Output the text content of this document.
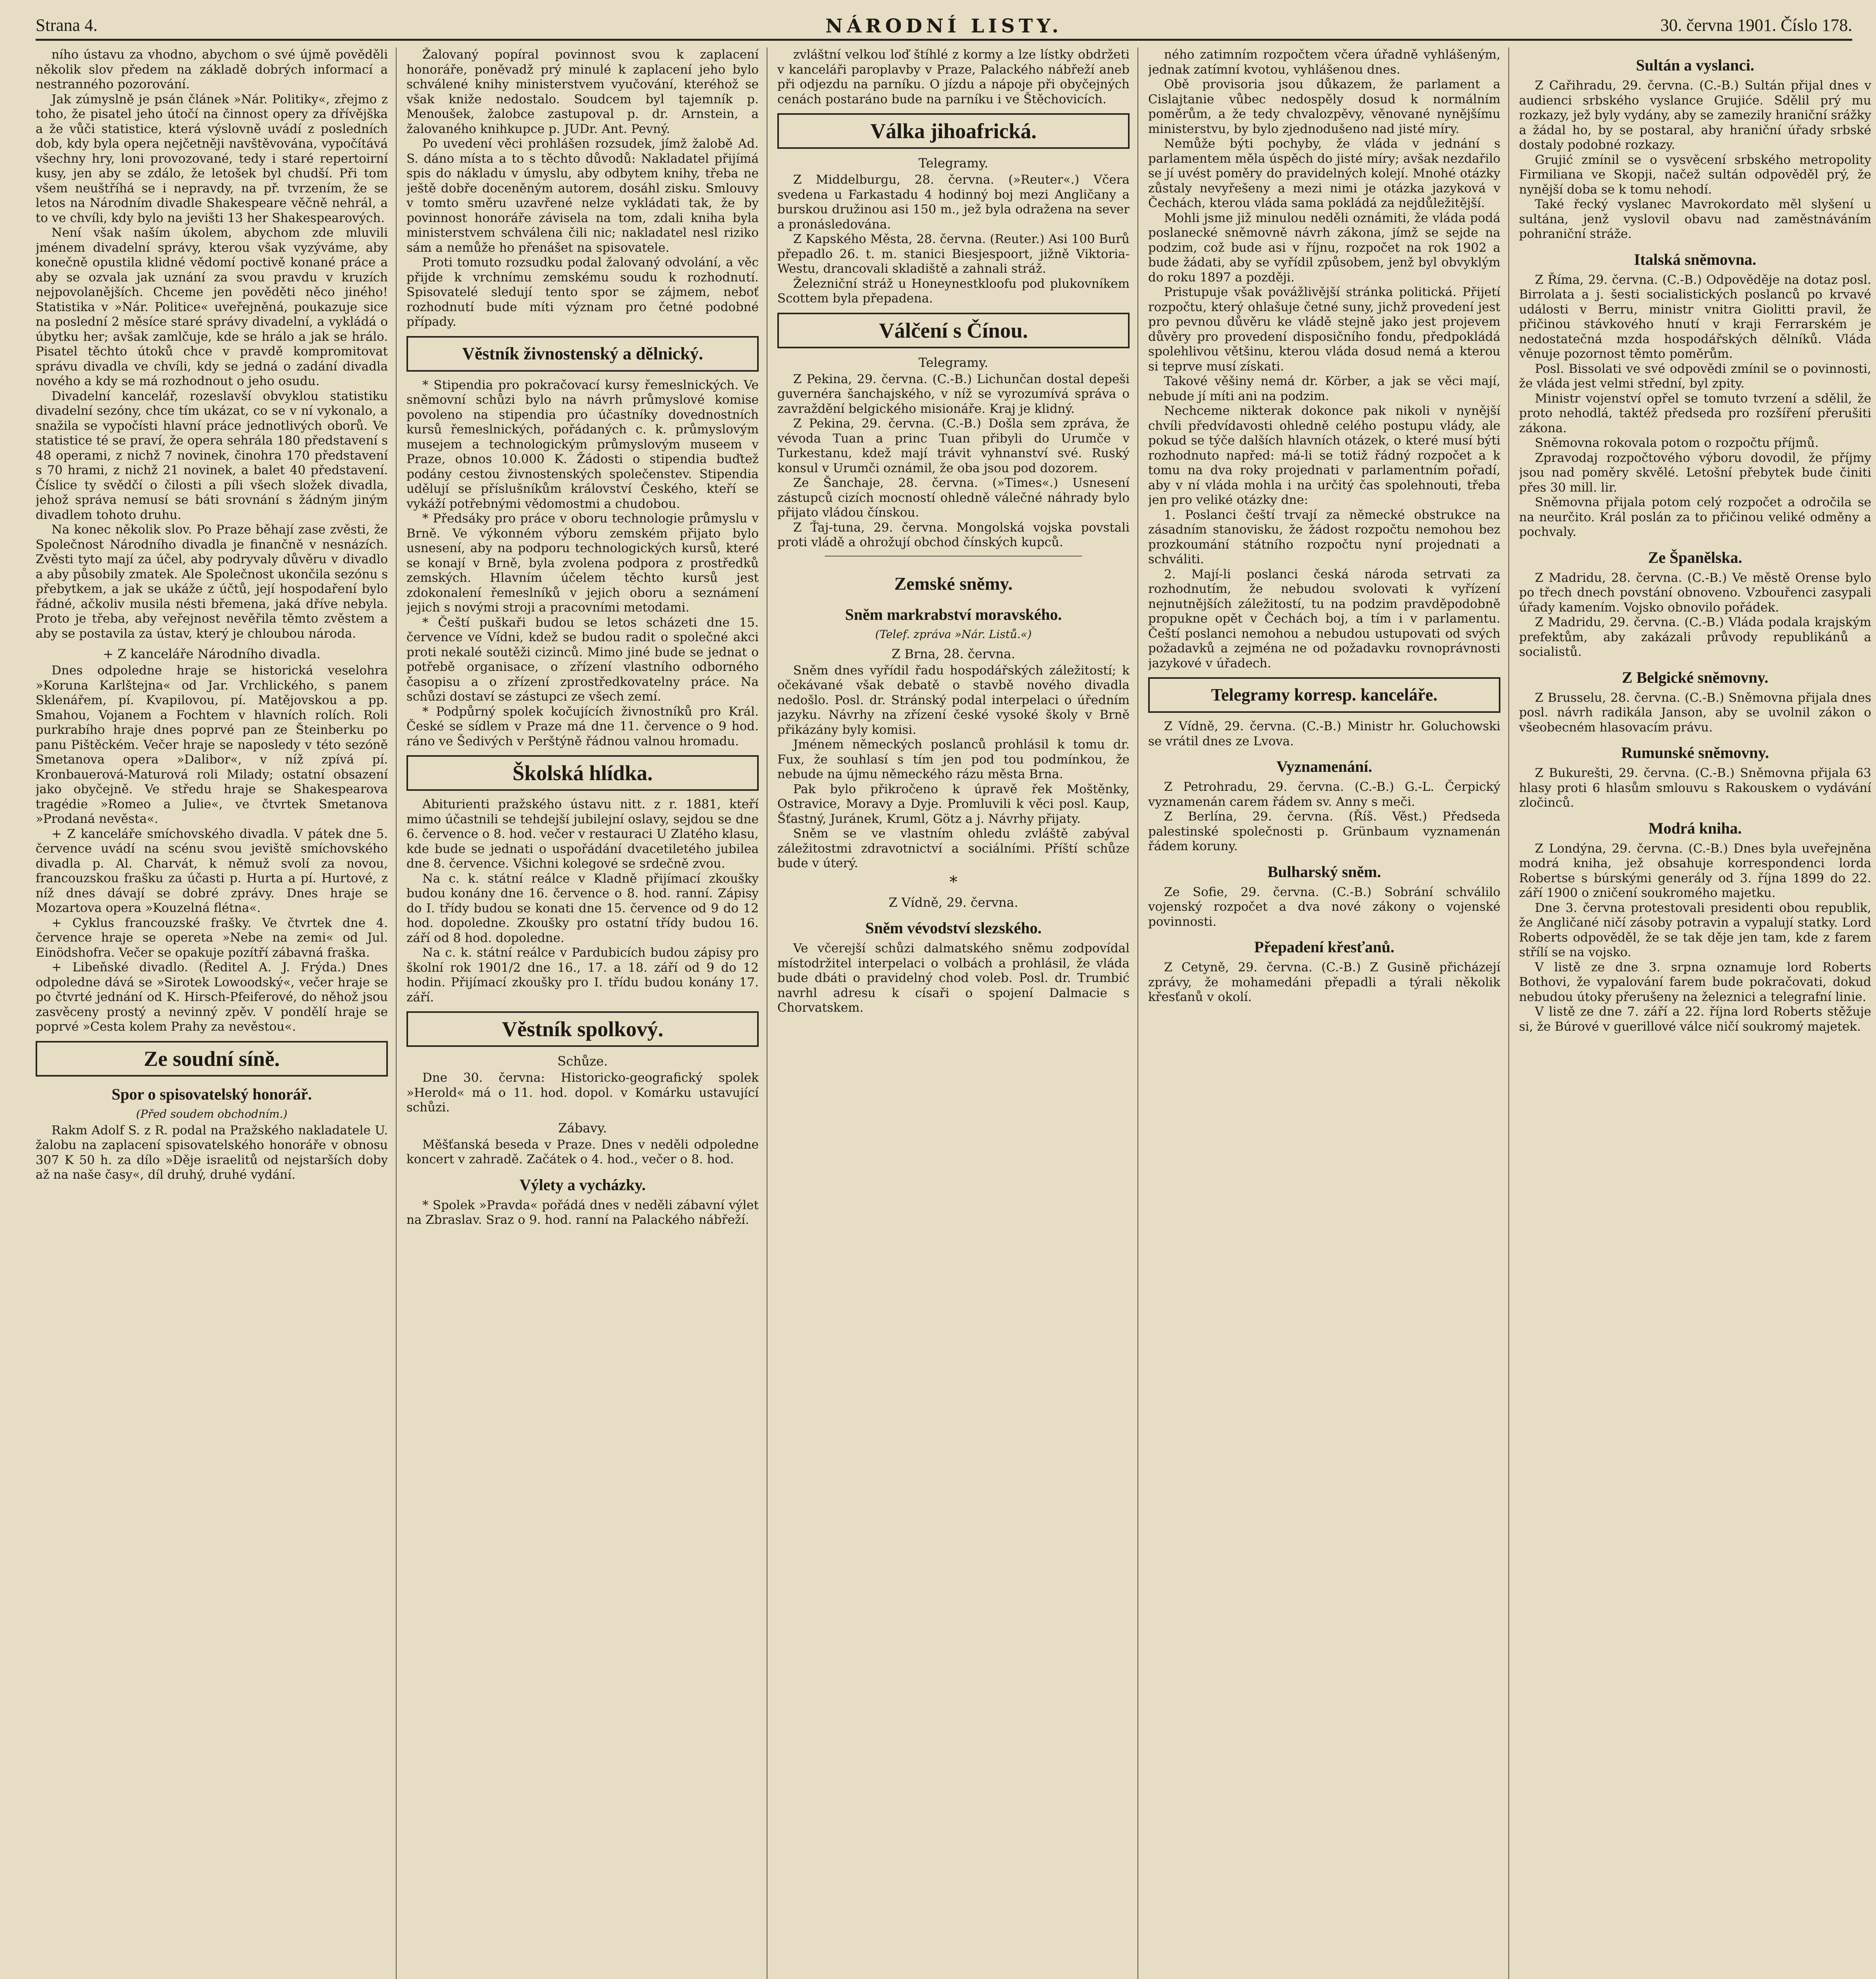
Strana 4.	NÁRODNÍ LISTY.	30. června 1901. Číslo 178.

ního ústavu za vhodno, abychom o své újmě pověděli několik slov předem na základě dobrých informací a nestranného pozorování.

Jak zúmyslně je psán článek »Nár. Politiky«, zřejmo z toho, že pisatel jeho útočí na činnost opery za dřívějška a že vůči statistice, která výslovně uvádí z posledních dob, kdy byla opera nejčetněji navštěvována, vypočítává všechny hry, loni provozované, tedy i staré repertoirní kusy, jen aby se zdálo, že letošek byl chudší. Při tom všem neuštříhá se i nepravdy, na př. tvrzením, že se letos na Národním divadle Shakespeare věčně nehrál, a to ve chvíli, kdy bylo na jevišti 13 her Shakespearových.

Není však naším úkolem, abychom zde mluvili jménem divadelní správy, kterou však vyzýváme, aby konečně opustila klidné vědomí poctivě konané práce a aby se ozvala jak uznání za svou pravdu v kruzích nejpovolanějších. Chceme jen pověděti něco jiného! Statistika v »Nár. Politice« uveřejněná, poukazuje sice na poslední 2 měsíce staré správy divadelní, a vykládá o úbytku her; avšak zamlčuje, kde se hrálo a jak se hrálo. Pisatel těchto útoků chce v pravdě kompromitovat správu divadla ve chvíli, kdy se jedná o zadání divadla nového a kdy se má rozhodnout o jeho osudu.

Divadelní kancelář, rozeslavší obvyklou statistiku divadelní sezóny, chce tím ukázat, co se v ní vykonalo, a snažila se vypočísti hlavní práce jednotlivých oborů. Ve statistice té se praví, že opera sehrála 180 představení s 48 operami, z nichž 7 novinek, činohra 170 představení s 70 hrami, z nichž 21 novinek, a balet 40 představení. Číslice ty svědčí o čilosti a píli všech složek divadla, jehož správa nemusí se báti srovnání s žádným jiným divadlem tohoto druhu.

Na konec několik slov. Po Praze běhají zase zvěsti, že Společnost Národního divadla je finančně v nesnázích. Zvěsti tyto mají za účel, aby podryvaly důvěru v divadlo a aby působily zmatek. Ale Společnost ukončila sezónu s přebytkem, a jak se ukáže z účtů, její hospodaření bylo řádné, ačkoliv musila nésti břemena, jaká dříve nebyla. Proto je třeba, aby veřejnost nevěřila těmto zvěstem a aby se postavila za ústav, který je chloubou národa.

+ Z kanceláře Národního divadla.

Dnes odpoledne hraje se historická veselohra »Koruna Karlštejna« od Jar. Vrchlického, s panem Sklenářem, pí. Kvapilovou, pí. Matějovskou a pp. Smahou, Vojanem a Fochtem v hlavních rolích. Roli purkrabího hraje dnes poprvé pan ze Šteinberku po panu Pištěckém. Večer hraje se naposledy v této sezóně Smetanova opera »Dalibor«, v níž zpívá pí. Kronbauerová-Maturová roli Milady; ostatní obsazení jako obyčejně. Ve středu hraje se Shakespearova tragédie »Romeo a Julie«, ve čtvrtek Smetanova »Prodaná nevěsta«.

+ Z kanceláře smíchovského divadla. V pátek dne 5. července uvádí na scénu svou jeviště smíchovského divadla p. Al. Charvát, k němuž svolí za novou, francouzskou frašku za účasti p. Hurta a pí. Hurtové, z níž dnes dávají se dobré zprávy. Dnes hraje se Mozartova opera »Kouzelná flétna«.

+ Cyklus francouzské frašky. Ve čtvrtek dne 4. července hraje se opereta »Nebe na zemi« od Jul. Einödshofra. Večer se opakuje pozítří zábavná fraška.

+ Libeňské divadlo. (Ředitel A. J. Frýda.) Dnes odpoledne dává se »Sirotek Lowoodský«, večer hraje se po čtvrté jednání od K. Hirsch-Pfeiferové, do něhož jsou zasvěceny prostý a nevinný zpěv. V pondělí hraje se poprvé »Cesta kolem Prahy za nevěstou«.

Ze soudní síně.
Spor o spisovatelský honorář.
(Před soudem obchodním.)

Rakm Adolf S. z R. podal na Pražského nakladatele U. žalobu na zaplacení spisovatelského honoráře v obnosu 307 K 50 h. za dílo »Děje israelitů od nejstarších doby až na naše časy«, díl druhý, druhé vydání.

Žalovaný popíral povinnost svou k zaplacení honoráře, poněvadž prý minulé k zaplacení jeho bylo schválené knihy ministerstvem vyučování, kteréhož se však kniže nedostalo. Soudcem byl tajemník p. Menoušek, žalobce zastupoval p. dr. Arnstein, a žalovaného knihkupce p. JUDr. Ant. Pevný.

Po uvedení věci prohlášen rozsudek, jímž žalobě Ad. S. dáno místa a to s těchto důvodů: Nakladatel přijímá spis do nákladu v úmyslu, aby odbytem knihy, třeba ne ještě dobře doceněným autorem, dosáhl zisku. Smlouvy v tomto směru uzavřené nelze vykládati tak, že by povinnost honoráře závisela na tom, zdali kniha byla ministerstvem schválena čili nic; nakladatel nesl riziko sám a nemůže ho přenášet na spisovatele.

Proti tomuto rozsudku podal žalovaný odvolání, a věc přijde k vrchnímu zemskému soudu k rozhodnutí. Spisovatelé sledují tento spor se zájmem, neboť rozhodnutí bude míti význam pro četné podobné případy.

Věstník živnostenský a dělnický.

* Stipendia pro pokračovací kursy řemeslnických. Ve sněmovní schůzi bylo na návrh průmyslové komise povoleno na stipendia pro účastníky dovednostních kursů řemeslnických, pořádaných c. k. průmyslovým musejem a technologickým průmyslovým museem v Praze, obnos 10.000 K. Žádosti o stipendia buďtež podány cestou živnostenských společenstev. Stipendia udělují se příslušníkům království Českého, kteří se vykáží potřebnými vědomostmi a chudobou.

* Předsáky pro práce v oboru technologie průmyslu v Brně. Ve výkonném výboru zemském přijato bylo usnesení, aby na podporu technologických kursů, které se konají v Brně, byla zvolena podpora z prostředků zemských. Hlavním účelem těchto kursů jest zdokonalení řemeslníků v jejich oboru a seznámení jejich s novými stroji a pracovními metodami.

* Čeští puškaři budou se letos scházeti dne 15. července ve Vídni, kdež se budou radit o společné akci proti nekalé soutěži cizinců. Mimo jiné bude se jednat o potřebě organisace, o zřízení vlastního odborného časopisu a o zřízení zprostředkovatelny práce. Na schůzi dostaví se zástupci ze všech zemí.

* Podpůrný spolek kočujících živnostníků pro Král. České se sídlem v Praze má dne 11. července o 9 hod. ráno ve Šedivých v Perštýně řádnou valnou hromadu.

Školská hlídka.

Abiturienti pražského ústavu nitt. z r. 1881, kteří mimo účastnili se tehdejší jubilejní oslavy, sejdou se dne 6. července o 8. hod. večer v restauraci U Zlatého klasu, kde bude se jednati o uspořádání dvacetiletého jubilea dne 8. července. Všichni kolegové se srdečně zvou.

Na c. k. státní reálce v Kladně přijímací zkoušky budou konány dne 16. července o 8. hod. ranní. Zápisy do I. třídy budou se konati dne 15. července od 9 do 12 hod. dopoledne. Zkoušky pro ostatní třídy budou 16. září od 8 hod. dopoledne.

Na c. k. státní reálce v Pardubicích budou zápisy pro školní rok 1901/2 dne 16., 17. a 18. září od 9 do 12 hodin. Přijímací zkoušky pro I. třídu budou konány 17. září.

Věstník spolkový.
Schůze.

Dne 30. června: Historicko-geografický spolek »Herold« má o 11. hod. dopol. v Komárku ustavující schůzi.

Zábavy.

Měšťanská beseda v Praze. Dnes v neděli odpoledne koncert v zahradě. Začátek o 4. hod., večer o 8. hod.

Výlety a vycházky.

* Spolek »Pravda« pořádá dnes v neděli zábavní výlet na Zbraslav. Sraz o 9. hod. ranní na Palackého nábřeží.

zvláštní velkou loď štíhlé z kormy a lze lístky obdržeti v kanceláři paroplavby v Praze, Palackého nábřeží aneb při odjezdu na parníku. O jízdu a nápoje při obyčejných cenách postaráno bude na parníku i ve Štěchovicích.

Válka jihoafrická.
Telegramy.

Z Middelburgu, 28. června. (»Reuter«.) Včera svedena u Farkastadu 4 hodinný boj mezi Angličany a burskou družinou asi 150 m., jež byla odražena na sever a pronásledována.

Z Kapského Města, 28. června. (Reuter.) Asi 100 Burů přepadlo 26. t. m. stanici Biesjespoort, jižně Viktoria-Westu, drancovali skladiště a zahnali stráž.

Železniční stráž u Honeynestkloofu pod plukovníkem Scottem byla přepadena.

Válčení s Čínou.
Telegramy.

Z Pekina, 29. června. (C.-B.) Lichunčan dostal depeši guvernéra šanchajského, v níž se vyrozumívá správa o zavraždění belgického misionáře. Kraj je klidný.

Z Pekina, 29. června. (C.-B.) Došla sem zpráva, že vévoda Tuan a princ Tuan přibyli do Urumče v Turkestanu, kdež mají trávit vyhnanství své. Ruský konsul v Urumči oznámil, že oba jsou pod dozorem.

Ze Šanchaje, 28. června. (»Times«.) Usnesení zástupců cizích mocností ohledně válečné náhrady bylo přijato vládou čínskou.

Z Ťaj-tuna, 29. června. Mongolská vojska povstali proti vládě a ohrožují obchod čínských kupců.

Zemské sněmy.
Sněm markrabství moravského.
(Telef. zpráva »Nár. Listů.«)
Z Brna, 28. června.

Sněm dnes vyřídil řadu hospodářských záležitostí; k očekávané však debatě o stavbě nového divadla nedošlo. Posl. dr. Stránský podal interpelaci o úředním jazyku. Návrhy na zřízení české vysoké školy v Brně přikázány byly komisi.

Jménem německých poslanců prohlásil k tomu dr. Fux, že souhlasí s tím jen pod tou podmínkou, že nebude na újmu německého rázu města Brna.

Pak bylo přikročeno k úpravě řek Moštěnky, Ostravice, Moravy a Dyje. Promluvili k věci posl. Kaup, Šťastný, Juránek, Kruml, Götz a j. Návrhy přijaty.

Sněm se ve vlastním ohledu zvláště zabýval záležitostmi zdravotnictví a sociálními. Příští schůze bude v úterý.

*
Z Vídně, 29. června.
Sněm vévodství slezského.

Ve včerejší schůzi dalmatského sněmu zodpovídal místodržitel interpelaci o volbách a prohlásil, že vláda bude dbáti o pravidelný chod voleb. Posl. dr. Trumbić navrhl adresu k císaři o spojení Dalmacie s Chorvatskem.

ného zatimním rozpočtem včera úřadně vyhlášeným, jednak zatímní kvotou, vyhlášenou dnes.

Obě provisoria jsou důkazem, že parlament a Cislajtanie vůbec nedospěly dosud k normálním poměrům, a že tedy chvalozpěvy, věnované nynějšímu ministerstvu, by bylo zjednodušeno nad jisté míry.

Nemůže býti pochyby, že vláda v jednání s parlamentem měla úspěch do jisté míry; avšak nezdařilo se jí uvést poměry do pravidelných kolejí. Mnohé otázky zůstaly nevyřešeny a mezi nimi je otázka jazyková v Čechách, kterou vláda sama pokládá za nejdůležitější.

Mohli jsme již minulou neděli oznámiti, že vláda podá poslanecké sněmovně návrh zákona, jímž se sejde na podzim, což bude asi v říjnu, rozpočet na rok 1902 a bude žádati, aby se vyřídil způsobem, jenž byl obvyklým do roku 1897 a později.

Pristupuje však povážlivější stránka politická. Přijetí rozpočtu, který ohlašuje četné suny, jichž provedení jest pro pevnou důvěru ke vládě stejně jako jest projevem důvěry pro provedení disposičního fondu, předpokládá spolehlivou většinu, kterou vláda dosud nemá a kterou si teprve musí získati.

Takové věšiny nemá dr. Körber, a jak se věci mají, nebude jí míti ani na podzim.

Nechceme nikterak dokonce pak nikoli v nynější chvíli předvídavosti ohledně celého postupu vlády, ale pokud se týče dalších hlavních otázek, o které musí býti rozhodnuto napřed: má-li se totiž řádný rozpočet a k tomu na dva roky projednati v parlamentním pořadí, aby v ní vláda mohla i na určitý čas spolehnouti, třeba jen pro veliké otázky dne:

1. Poslanci čeští trvají za německé obstrukce na zásadním stanovisku, že žádost rozpočtu nemohou bez prozkoumání státního rozpočtu nyní projednati a schváliti.

2. Mají-li poslanci česká národa setrvati za rozhodnutím, že nebudou svolovati k vyřízení nejnutnějších záležitostí, tu na podzim pravděpodobně propukne opět v Čechách boj, a tím i v parlamentu. Čeští poslanci nemohou a nebudou ustupovati od svých požadavků a zejména ne od požadavku rovnoprávnosti jazykové v úřadech.

Telegramy korresp. kanceláře.

Z Vídně, 29. června. (C.-B.) Ministr hr. Goluchowski se vrátil dnes ze Lvova.

Vyznamenání.

Z Petrohradu, 29. června. (C.-B.) G.-L. Čerpický vyznamenán carem řádem sv. Anny s meči.

Z Berlína, 29. června. (Říš. Věst.) Předseda palestinské společnosti p. Grünbaum vyznamenán řádem koruny.

Bulharský sněm.

Ze Sofie, 29. června. (C.-B.) Sobrání schválilo vojenský rozpočet a dva nové zákony o vojenské povinnosti.

Přepadení křesťanů.

Z Cetyně, 29. června. (C.-B.) Z Gusině přicházejí zprávy, že mohamedáni přepadli a týrali několik křesťanů v okolí.

Sultán a vyslanci.

Z Cařihradu, 29. června. (C.-B.) Sultán přijal dnes v audienci srbského vyslance Grujiće. Sdělil prý mu rozkazy, jež byly vydány, aby se zamezily hraniční srážky a žádal ho, by se postaral, aby hraniční úřady srbské dostaly podobné rozkazy.

Grujić zmínil se o vysvěcení srbského metropolity Firmiliana ve Skopji, načež sultán odpověděl prý, že nynější doba se k tomu nehodí.

Také řecký vyslanec Mavrokordato měl slyšení u sultána, jenž vyslovil obavu nad zaměstnáváním pohraniční stráže.

Italská sněmovna.

Z Říma, 29. června. (C.-B.) Odpověděje na dotaz posl. Birrolata a j. šesti socialistických poslanců po krvavé události v Berru, ministr vnitra Giolitti pravil, že přičinou stávkového hnutí v kraji Ferrarském je nedostatečná mzda hospodářských dělníků. Vláda věnuje pozornost těmto poměrům.

Posl. Bissolati ve své odpovědi zmínil se o povinnosti, že vláda jest velmi střední, byl zpity.

Ministr vojenství opřel se tomuto tvrzení a sdělil, že proto nehodlá, taktéž předseda pro rozšíření přerušiti zákona.

Sněmovna rokovala potom o rozpočtu příjmů.

Zpravodaj rozpočtového výboru dovodil, že příjmy jsou nad poměry skvělé. Letošní přebytek bude činiti přes 30 mill. lir.

Sněmovna přijala potom celý rozpočet a odročila se na neurčito. Král poslán za to přičinou veliké odměny a pochvaly.

Ze Španělska.

Z Madridu, 28. června. (C.-B.) Ve městě Orense bylo po třech dnech povstání obnoveno. Vzbouřenci zasypali úřady kamením. Vojsko obnovilo pořádek.

Z Madridu, 29. června. (C.-B.) Vláda podala krajským prefektům, aby zakázali průvody republikánů a socialistů.

Z Belgické sněmovny.

Z Brusselu, 28. června. (C.-B.) Sněmovna přijala dnes posl. návrh radikála Janson, aby se uvolnil zákon o všeobecném hlasovacím právu.

Rumunské sněmovny.

Z Bukurešti, 29. června. (C.-B.) Sněmovna přijala 63 hlasy proti 6 hlasům smlouvu s Rakouskem o vydávání zločinců.

Modrá kniha.

Z Londýna, 29. června. (C.-B.) Dnes byla uveřejněna modrá kniha, jež obsahuje korrespondenci lorda Robertse s búrskými generály od 3. října 1899 do 22. září 1900 o zničení soukromého majetku.

Dne 3. června protestovali presidenti obou republik, že Angličané ničí zásoby potravin a vypalují statky. Lord Roberts odpověděl, že se tak děje jen tam, kde z farem střílí se na vojsko.

V listě ze dne 3. srpna oznamuje lord Roberts Bothovi, že vypalování farem bude pokračovati, dokud nebudou útoky přerušeny na železnici a telegrafní linie.

V listě ze dne 7. září a 22. října lord Roberts stěžuje si, že Búrové v guerillové válce ničí soukromý majetek.
